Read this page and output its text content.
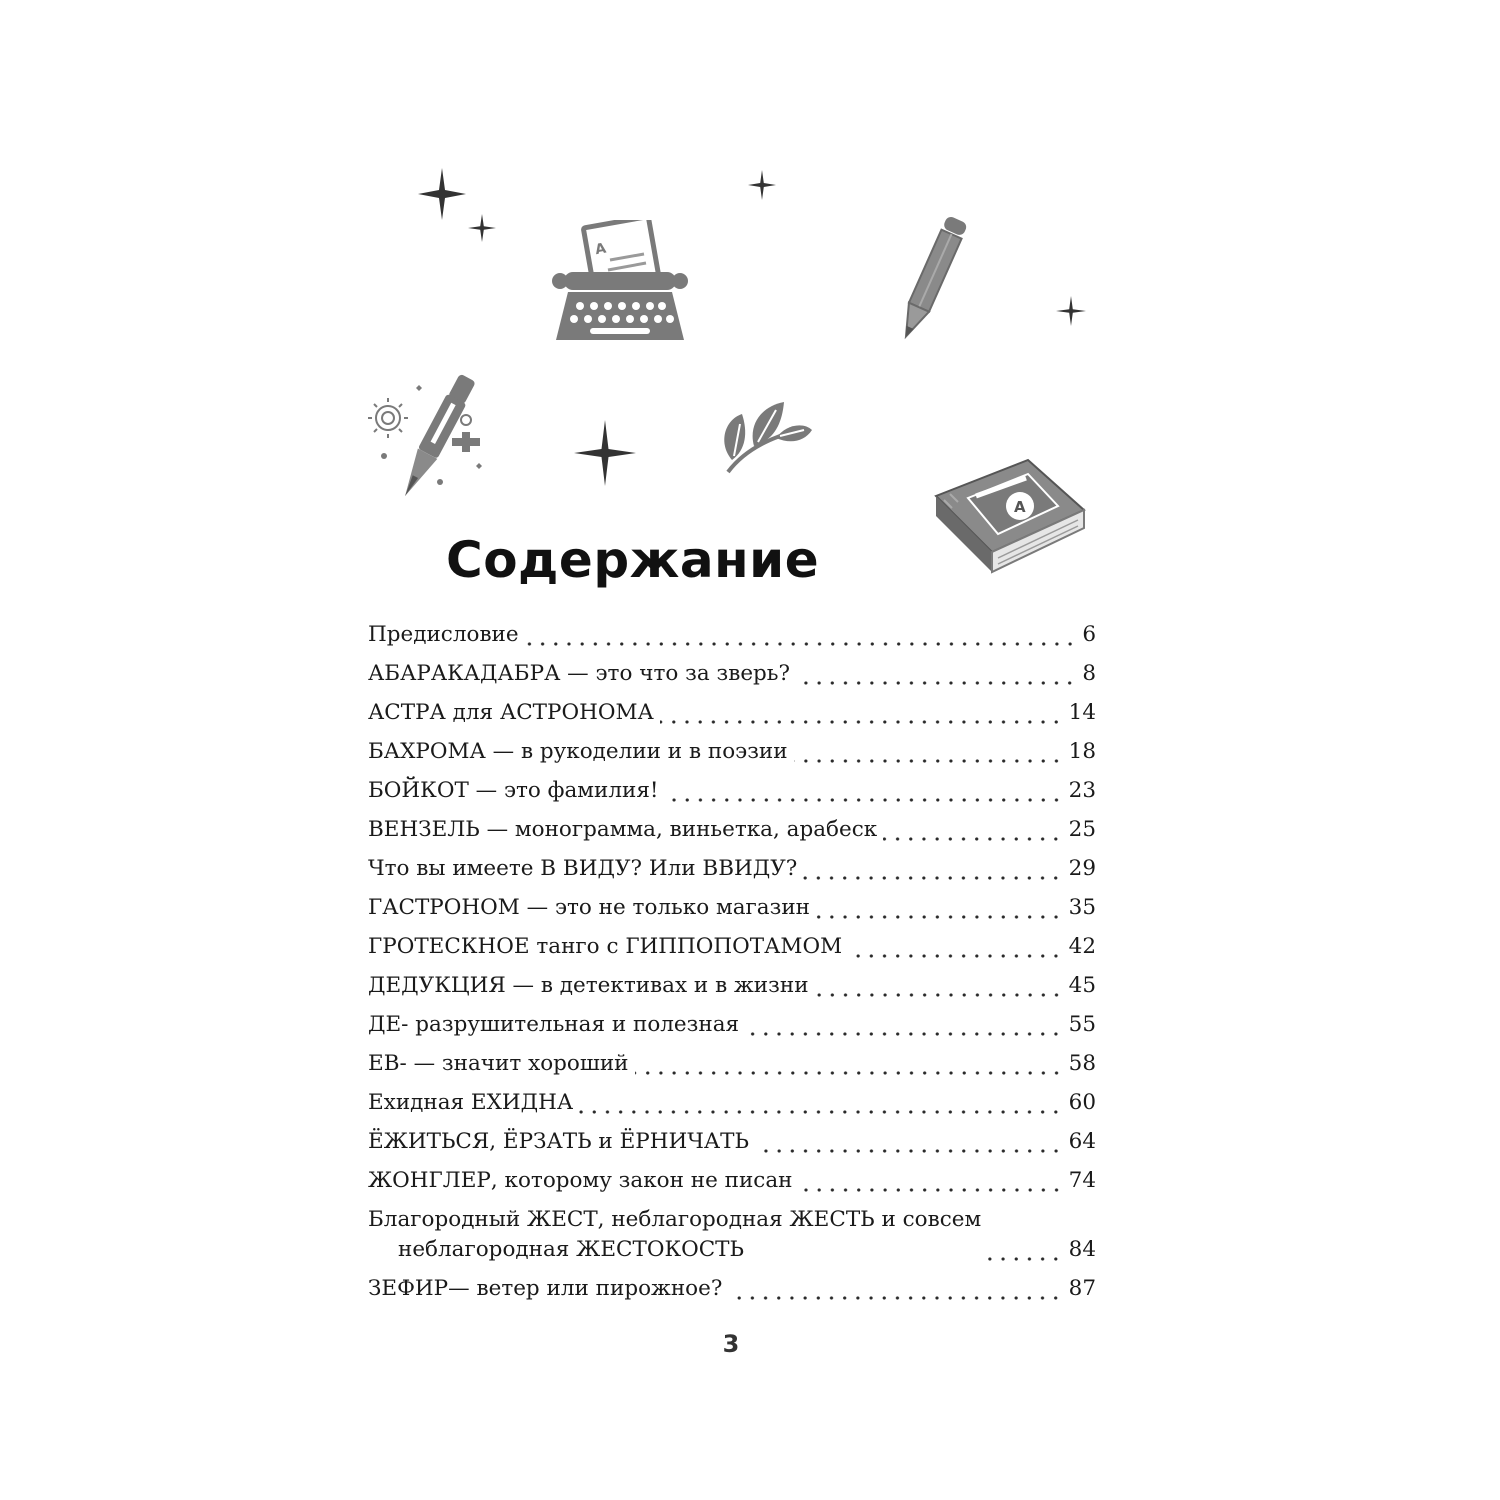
A
A
Содержание
Предисловие	6
АБАРАКАДАБРА — это что за зверь?	8
АСТРА для АСТРОНОМА	14
БАХРОМА — в рукоделии и в поэзии	18
БОЙКОТ — это фамилия!	23
ВЕНЗЕЛЬ — монограмма, виньетка, арабеск	25
Что вы имеете В ВИДУ? Или ВВИДУ?	29
ГАСТРОНОМ — это не только магазин	35
ГРОТЕСКНОЕ танго с ГИППОПОТАМОМ	42
ДЕДУКЦИЯ — в детективах и в жизни	45
ДЕ- разрушительная и полезная	55
ЕВ- — значит хороший	58
Ехидная ЕХИДНА	60
ЁЖИТЬСЯ, ЁРЗАТЬ и ЁРНИЧАТЬ	64
ЖОНГЛЕР, которому закон не писан	74
Благородный ЖЕСТ, неблагородная ЖЕСТЬ и совсем
неблагородная ЖЕСТОКОСТЬ	84
ЗЕФИР— ветер или пирожное?	87
3
